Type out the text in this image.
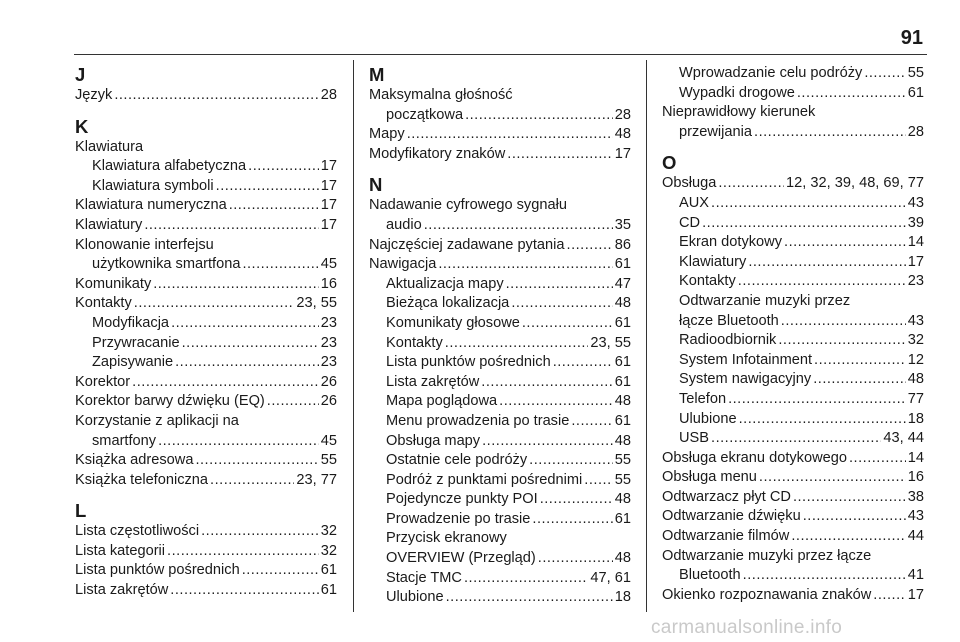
91
J
Język .....	28
K
Klawiatura
Klawiatura alfabetyczna .....	17
Klawiatura symboli .....	17
Klawiatura numeryczna .....	17
Klawiatury .....	17
Klonowanie interfejsu
użytkownika smartfona .....	45
Komunikaty .....	16
Kontakty .....	23, 55
Modyfikacja .....	23
Przywracanie .....	23
Zapisywanie .....	23
Korektor .....	26
Korektor barwy dźwięku (EQ) .....	26
Korzystanie z aplikacji na
smartfony .....	45
Książka adresowa .....	55
Książka telefoniczna .....	23, 77
L
Lista częstotliwości .....	32
Lista kategorii .....	32
Lista punktów pośrednich .....	61
Lista zakrętów .....	61
M
Maksymalna głośność
początkowa .....	28
Mapy .....	48
Modyfikatory znaków .....	17
N
Nadawanie cyfrowego sygnału
audio .....	35
Najczęściej zadawane pytania .....	86
Nawigacja .....	61
Aktualizacja mapy .....	47
Bieżąca lokalizacja .....	48
Komunikaty głosowe .....	61
Kontakty .....	23, 55
Lista punktów pośrednich .....	61
Lista zakrętów .....	61
Mapa poglądowa .....	48
Menu prowadzenia po trasie .....	61
Obsługa mapy .....	48
Ostatnie cele podróży .....	55
Podróż z punktami pośrednimi ..... 55
Pojedyncze punkty POI .....	48
Prowadzenie po trasie .....	61
Przycisk ekranowy
OVERVIEW (Przegląd) .....	48
Stacje TMC .....	47, 61
Ulubione .....	18
Wprowadzanie celu podróży .....	55
Wypadki drogowe .....	61
Nieprawidłowy kierunek
przewijania .....	28
O
Obsługa .....	12, 32, 39, 48, 69, 77
AUX .....	43
CD .....	39
Ekran dotykowy .....	14
Klawiatury .....	17
Kontakty .....	23
Odtwarzanie muzyki przez
łącze Bluetooth .....	43
Radioodbiornik .....	32
System Infotainment .....	12
System nawigacyjny .....	48
Telefon .....	77
Ulubione .....	18
USB .....	43, 44
Obsługa ekranu dotykowego .....	14
Obsługa menu .....	16
Odtwarzacz płyt CD .....	38
Odtwarzanie dźwięku .....	43
Odtwarzanie filmów .....	44
Odtwarzanie muzyki przez łącze
Bluetooth .....	41
Okienko rozpoznawania znaków ..... 17
carmanualsonline.info
